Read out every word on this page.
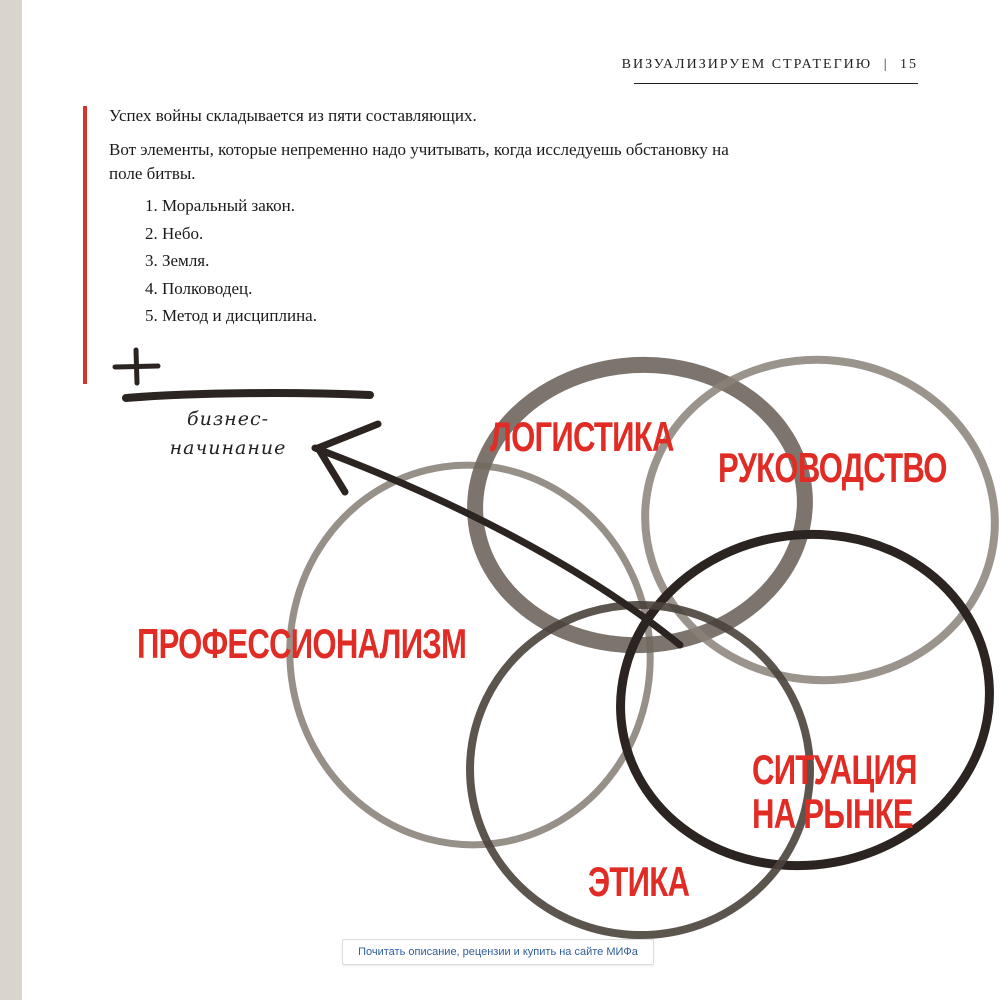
ВИЗУАЛИЗИРУЕМ СТРАТЕГИЮ | 15

Успех войны складывается из пяти составляющих.

Вот элементы, которые непременно надо учитывать, когда исследуешь обстановку на поле битвы.

1. Моральный закон.
2. Небо.
3. Земля.
4. Полководец.
5. Метод и дисциплина.
бизнес-
начинание	ЛОГИСТИКА
РУКОВОДСТВО
ПРОФЕССИОНАЛИЗМ
СИТУАЦИЯ
НА РЫНКЕ
ЭТИКА
Почитать описание, рецензии и купить на сайте МИФа
